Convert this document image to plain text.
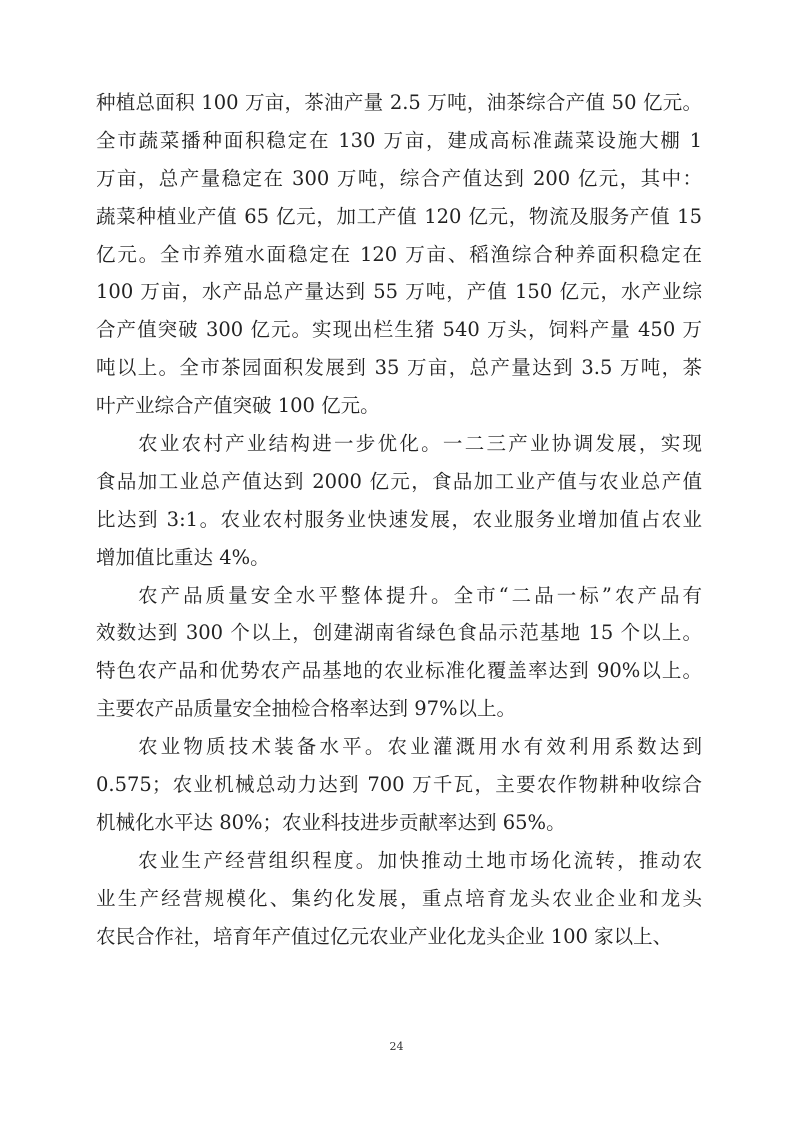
种植总面积 100 万亩，茶油产量 2.5 万吨，油茶综合产值 50 亿元。
全市蔬菜播种面积稳定在 130 万亩，建成高标准蔬菜设施大棚 1
万亩，总产量稳定在 300 万吨，综合产值达到 200 亿元，其中：
蔬菜种植业产值 65 亿元，加工产值 120 亿元，物流及服务产值 15
亿元。全市养殖水面稳定在 120 万亩、稻渔综合种养面积稳定在
100 万亩，水产品总产量达到 55 万吨，产值 150 亿元，水产业综
合产值突破 300 亿元。实现出栏生猪 540 万头，饲料产量 450 万
吨以上。全市茶园面积发展到 35 万亩，总产量达到 3.5 万吨，茶
叶产业综合产值突破 100 亿元。
农业农村产业结构进一步优化。一二三产业协调发展，实现
食品加工业总产值达到 2000 亿元，食品加工业产值与农业总产值
比达到 3:1。农业农村服务业快速发展，农业服务业增加值占农业
增加值比重达 4%。
农产品质量安全水平整体提升。全市“二品一标”农产品有
效数达到 300 个以上，创建湖南省绿色食品示范基地 15 个以上。
特色农产品和优势农产品基地的农业标准化覆盖率达到 90%以上。
主要农产品质量安全抽检合格率达到 97%以上。
农业物质技术装备水平。农业灌溉用水有效利用系数达到
0.575；农业机械总动力达到 700 万千瓦，主要农作物耕种收综合
机械化水平达 80%；农业科技进步贡献率达到 65%。
农业生产经营组织程度。加快推动土地市场化流转，推动农
业生产经营规模化、集约化发展，重点培育龙头农业企业和龙头
农民合作社，培育年产值过亿元农业产业化龙头企业 100 家以上、
24
